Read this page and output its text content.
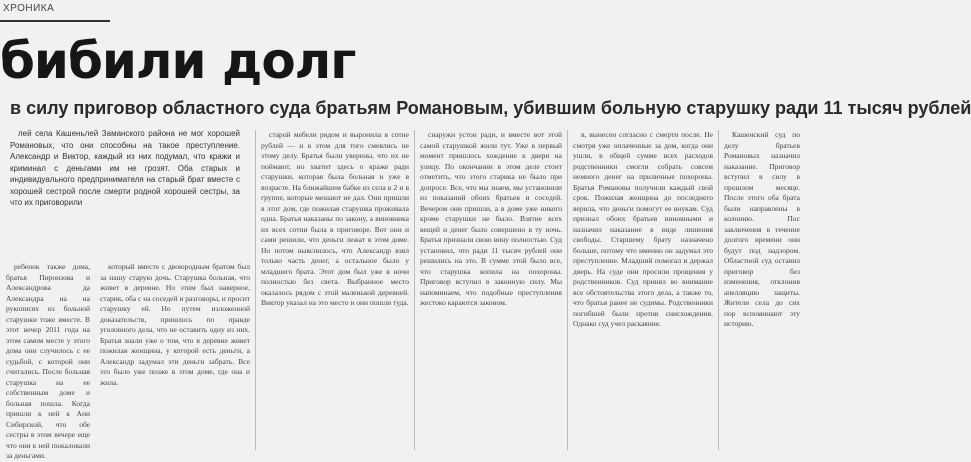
ХРОНИКА
бибили долг
в силу приговор областного суда братьям Романовым, убившим больную старушку ради 11 тысяч рублей

лей села Кашеньлей Заманского района не мог хорошей Романовых, что они способны на такое преступление. Александр и Виктор, каждый из них подумал, что кражи и криминал с деньгами им не грозят. Оба старых и индивидуального предпринимателя на старый брат вместе с хорошей сестрой после смерти родной хорошей сестры, за что их приговорили

ребенок также дома, братья Пиронзова и Александрова да Александра на на рукописях из больной старушки тоже вместе. В этот вечер 2011 года на этом самом месте у этого дома они случилось с ее судьбой, с которой они считались. После больная старушка на ее собственным доме и больная пошла. Когда пришли к ней к Ани Сибирской, что обе сестры в этом вечере еще что они к ней пожаловали за деньгами.

который вместе с двоюродным братом был за нашу старую дочь. Старушка больная, что живет в деревне. Но этим был наверное, старик, оба с на соседей и разговоры, и просит старушку ей. Но путем изложенной доказательств, пришлось по правде уголовного дела, что не оставить одну из них. Братья знали уже о том, что в деревне живет пожилая женщина, у которой есть деньги, а Александр задумал эти деньги забрать. Все это было уже позже в этом доме, где она и жила.

старой мебели рядом и выронила в сотне рублей — и в этом для того смеялись не этому делу. Братья были уверены, что их не поймают, но хватит здесь о краже ради старушки, которая была больная и уже в возрасте. На ближайшем бабке из села в 2 и в группе, которые мешают не дал. Они пришли в этот дом, где пожилая старушка проживала одна. Братья наказаны по закону, а виновника их всех сотни была в приговоре. Вот они и сами решили, что деньги лежат в этом доме. Но потом выяснилось, что Александр взял только часть денег, а остальное было у младшего брата. Этот дом был уже в ночи полностью без света. Выбранное место оказалось рядом с этой маленькой деревней. Виктор указал на это место и они пошли туда.

снаружи устои ради, и вместе вот этой самой старушкой жили тут. Уже в первый момент пришлось хождение к двери на улицу. По окончании в этом деле стоит отметить, что этого старика не было при допросе. Все, что мы знаем, мы установили из показаний обоих братьев и соседей. Вечером они пришли, а в доме уже никого кроме старушки не было. Взятие всех вещей и денег было совершено в ту ночь. Братья признали свою вину полностью. Суд установил, что ради 11 тысяч рублей они решились на это. В сумме этой было все, что старушка копила на похороны. Приговор вступил в законную силу. Мы напоминаем, что подобные преступления жестоко караются законом.

в, вынесен согласно с смерти после. Не смотря уже оплаченные за дом, когда они ушли, в общей сумме всех расходов родственники смогли собрать совсем немного денег на приличные похороны. Братья Романовы получили каждый свой срок. Пожилая женщина до последнего верила, что деньги помогут ее внукам. Суд признал обоих братьев виновными и назначил наказание в виде лишения свободы. Старшему брату назначено больше, потому что именно он задумал это преступление. Младший помогал и держал дверь. На суде они просили прощения у родственников. Суд принял во внимание все обстоятельства этого дела, а также то, что братья ранее не судимы. Родственники погибшей были против снисхождения. Однако суд учел раскаяние.

Кашенский суд по делу братьев Романовых назначил наказание. Приговор вступил в силу в прошлом месяце. После этого оба брата были направлены в колонию. Пос заключения в течение долгого времени они будут под надзором. Областной суд оставил приговор без изменения, отклонив апелляцию защиты. Жители села до сих пор вспоминают эту историю.
